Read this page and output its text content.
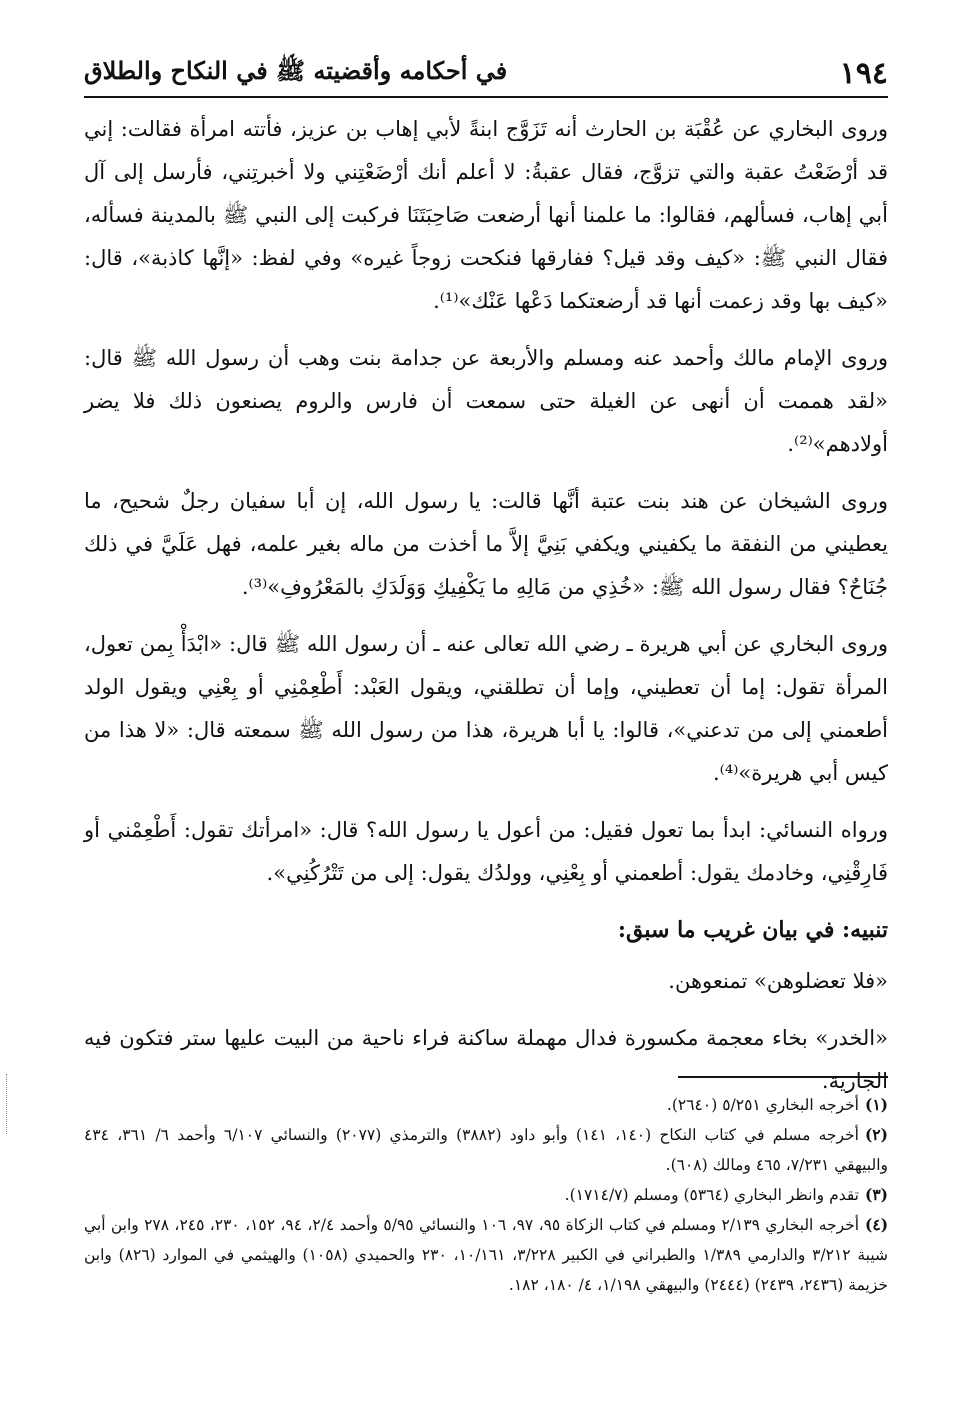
١٩٤
في أحكامه وأقضيته ﷺ في النكاح والطلاق

وروى البخاري عن عُقْبَة بن الحارث أنه تَزَوَّج ابنةً لأبي إهاب بن عزيز، فأتته امرأة فقالت: إني قد أرْضَعْتُ عقبة والتي تزوَّج، فقال عقبةُ: لا أعلم أنك أرْضَعْتِني ولا أخبرتِني، فأرسل إلى آل أبي إهاب، فسألهم، فقالوا: ما علمنا أنها أرضعت صَاحِبَتَنَا فركبت إلى النبي ﷺ بالمدينة فسأله، فقال النبي ﷺ: «كيف وقد قيل؟ ففارقها فنكحت زوجاً غيره» وفي لفظ: «إنَّها كاذبة»، قال: «كيف بها وقد زعمت أنها قد أرضعتكما دَعْها عَنْك»⁽¹⁾.

وروى الإمام مالك وأحمد عنه ومسلم والأربعة عن جدامة بنت وهب أن رسول الله ﷺ قال: «لقد هممت أن أنهى عن الغيلة حتى سمعت أن فارس والروم يصنعون ذلك فلا يضر أولادهم»⁽²⁾.

وروى الشيخان عن هند بنت عتبة أنَّها قالت: يا رسول الله، إن أبا سفيان رجلٌ شحيح، ما يعطيني من النفقة ما يكفيني ويكفي بَنِيَّ إلاَّ ما أخذت من ماله بغير علمه، فهل عَلَيَّ في ذلك جُنَاحٌ؟ فقال رسول الله ﷺ: «خُذِي من مَالِهِ ما يَكْفِيكِ وَوَلَدَكِ بالمَعْرُوفِ»⁽³⁾.

وروى البخاري عن أبي هريرة ـ رضي الله تعالى عنه ـ أن رسول الله ﷺ قال: «ابْدَأْ بِمن تعول، المرأة تقول: إما أن تعطيني، وإما أن تطلقني، ويقول العَبْد: أَطْعِمْنِي أو بِعْنِي ويقول الولد أطعمني إلى من تدعني»، قالوا: يا أبا هريرة، هذا من رسول الله ﷺ سمعته قال: «لا هذا من كيس أبي هريرة»⁽⁴⁾.

ورواه النسائي: ابدأ بما تعول فقيل: من أعول يا رسول الله؟ قال: «امرأتك تقول: أَطْعِمْني أو فَارِقْنِي، وخادمك يقول: أطعمني أو بِعْنِي، وولدُك يقول: إلى من تَتْرُكُنِي».

تنبيه: في بيان غريب ما سبق:

«فلا تعضلوهن» تمنعوهن.

«الخدر» بخاء معجمة مكسورة فدال مهملة ساكنة فراء ناحية من البيت عليها ستر فتكون فيه الجارية.

(١)أخرجه البخاري ٥/٢٥١ (٢٦٤٠).

(٢)أخرجه مسلم في كتاب النكاح (١٤٠، ١٤١) وأبو داود (٣٨٨٢) والترمذي (٢٠٧٧) والنسائي ٦/١٠٧ وأحمد ٦/ ٣٦١، ٤٣٤ والبيهقي ٧/٢٣١، ٤٦٥ ومالك (٦٠٨).

(٣)تقدم وانظر البخاري (٥٣٦٤) ومسلم (١٧١٤/٧).

(٤)أخرجه البخاري ٢/١٣٩ ومسلم في كتاب الزكاة ٩٥، ٩٧، ١٠٦ والنسائي ٥/٩٥ وأحمد ٢/٤، ٩٤، ١٥٢، ٢٣٠، ٢٤٥، ٢٧٨ وابن أبي شيبة ٣/٢١٢ والدارمي ١/٣٨٩ والطبراني في الكبير ٣/٢٢٨، ١٠/١٦١، ٢٣٠ والحميدي (١٠٥٨) والهيثمي في الموارد (٨٢٦) وابن خزيمة (٢٤٣٦، ٢٤٣٩) (٢٤٤٤) والبيهقي ١/١٩٨، ٤/ ١٨٠، ١٨٢.
